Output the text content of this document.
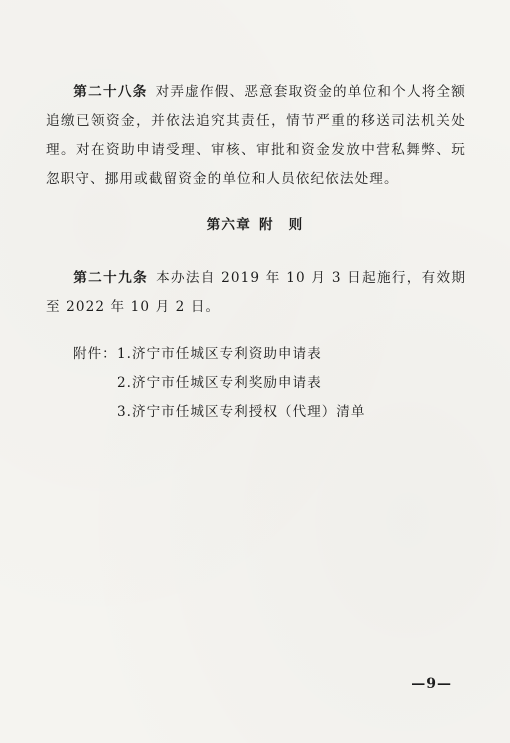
第二十八条 对弄虚作假、恶意套取资金的单位和个人将全额追缴已领资金，并依法追究其责任，情节严重的移送司法机关处理。对在资助申请受理、审核、审批和资金发放中营私舞弊、玩忽职守、挪用或截留资金的单位和人员依纪依法处理。

第六章 附　则

第二十九条 本办法自 2019 年 10 月 3 日起施行，有效期至 2022 年 10 月 2 日。

附件： 1.济宁市任城区专利资助申请表
2.济宁市任城区专利奖励申请表
3.济宁市任城区专利授权（代理）清单
—9—
